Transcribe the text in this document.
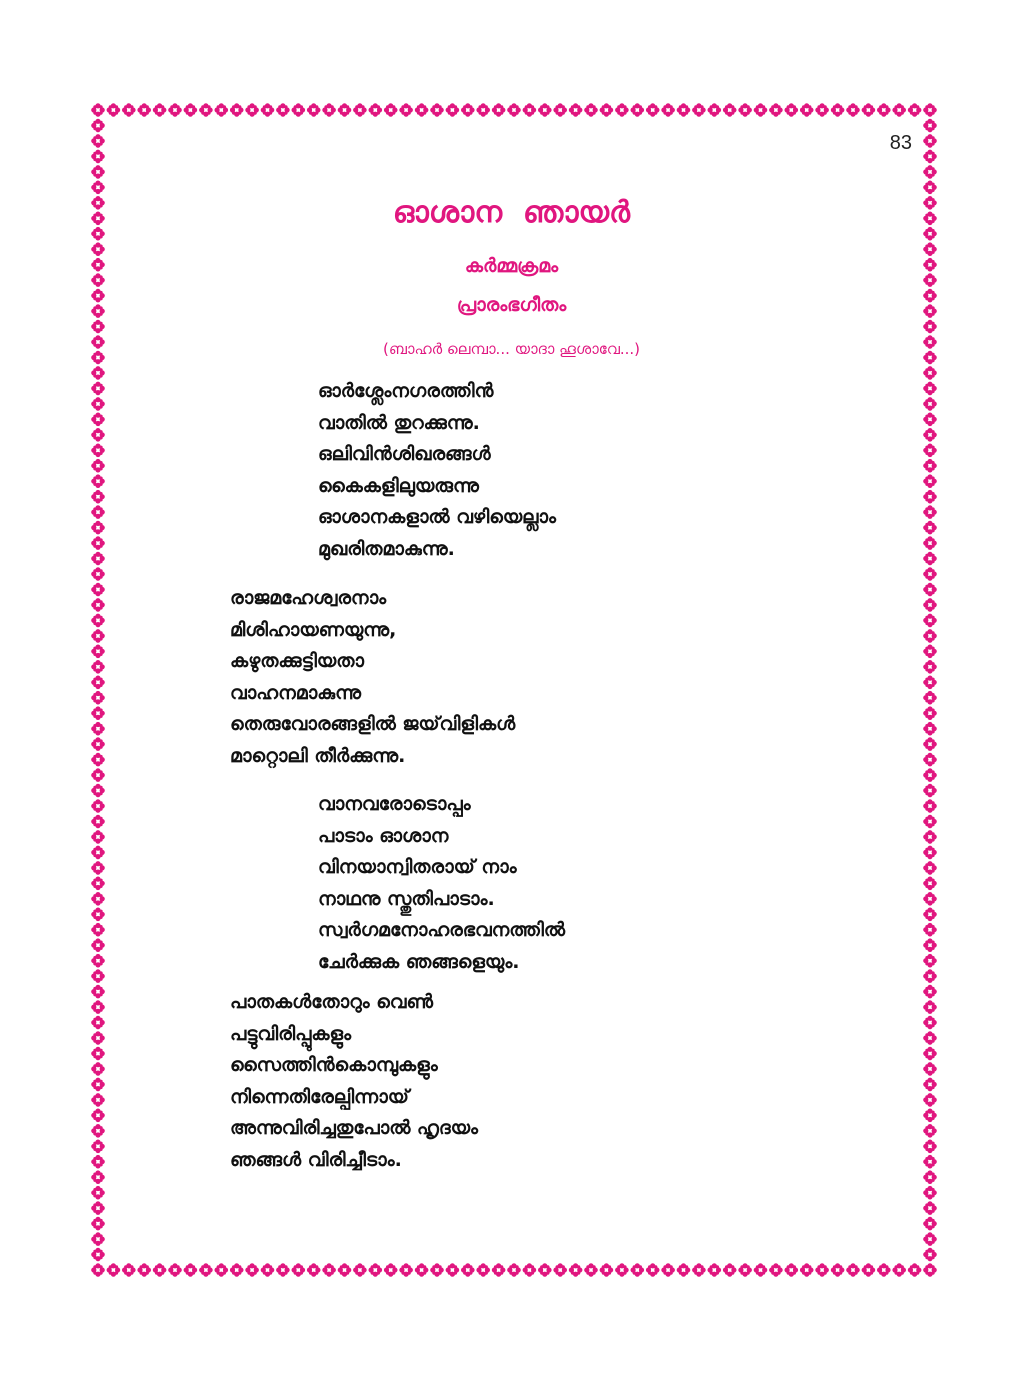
83
ഓശാന  ഞായർ
കർമ്മക്രമം
പ്രാരംഭഗീതം
(ബാഹർ ലെമ്പാ... യാദാ ഹൂശാവേ...)
ഓർശ്ലേംനഗരത്തിൻ
വാതിൽ തുറക്കുന്നു.
ഒലിവിൻശിഖരങ്ങൾ
കൈകളിലുയരുന്നു
ഓശാനകളാൽ വഴിയെല്ലാം
മുഖരിതമാകുന്നു.
രാജമഹേശ്വരനാം
മിശിഹായണയുന്നു,
കഴുതക്കുട്ടിയതാ
വാഹനമാകുന്നു
തെരുവോരങ്ങളിൽ ജയ്‌വിളികൾ
മാറ്റൊലി തീർക്കുന്നു.
വാനവരോടൊപ്പം
പാടാം ഓശാന
വിനയാന്വിതരായ് നാം
നാഥനു സ്തുതിപാടാം.
സ്വർഗമനോഹരഭവനത്തിൽ
ചേർക്കുക ഞങ്ങളെയും.
പാതകൾതോറും വെൺ
പട്ടുവിരിപ്പുകളും
സൈത്തിൻകൊമ്പുകളും
നിന്നെതിരേല്പിന്നായ്
അന്നുവിരിച്ചതുപോൽ ഹൃദയം
ഞങ്ങൾ വിരിച്ചീടാം.
